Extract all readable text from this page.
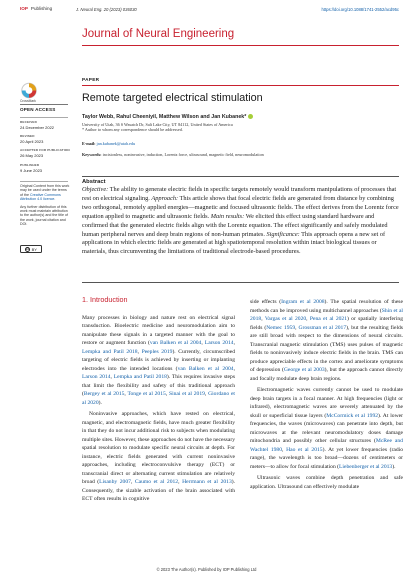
IOP Publishing	J. Neural Eng. 20 (2023) 036030	https://doi.org/10.1088/1741-2552/acd95c
Journal of Neural Engineering
CrossMark
OPEN ACCESS
RECEIVED
24 December 2022
REVISED
20 April 2023
ACCEPTED FOR PUBLICATION
26 May 2023
PUBLISHED
9 June 2023

Original Content from this work may be used under the terms of the Creative Commons Attribution 4.0 licence.

Any further distribution of this work must maintain attribution to the author(s) and the title of the work, journal citation and DOI.

cc BY
PAPER
Remote targeted electrical stimulation
Taylor Webb, Rahul Cheeniyil, Matthew Wilson and Jan Kubanek*
University of Utah, 36 S Wasatch Dr, Salt Lake City, UT 84112, United States of America
* Author to whom any correspondence should be addressed.
E-mail: jan.kubanek@utah.edu
Keywords: incisionless, noninvasive, induction, Lorentz force, ultrasound, magnetic field, neuromodulation
Abstract
Objective: The ability to generate electric fields in specific targets remotely would transform manipulations of processes that rest on electrical signaling. Approach: This article shows that focal electric fields are generated from distance by combining two orthogonal, remotely applied energies—magnetic and focused ultrasonic fields. The effect derives from the Lorentz force equation applied to magnetic and ultrasonic fields. Main results: We elicited this effect using standard hardware and confirmed that the generated electric fields align with the Lorentz equation. The effect significantly and safely modulated human peripheral nerves and deep brain regions of non-human primates. Significance: This approach opens a new set of applications in which electric fields are generated at high spatiotemporal resolution within intact biological tissues or materials, thus circumventing the limitations of traditional electrode-based procedures.
1. Introduction

Many processes in biology and nature rest on electrical signal transduction. Bioelectric medicine and neuromodulation aim to manipulate these signals in a targeted manner with the goal to restore or augment function (van Balken et al 2004, Larson 2014, Lempka and Patil 2018, Peeples 2019). Currently, circumscribed targeting of electric fields is achieved by inserting or implanting electrodes into the intended locations (van Balken et al 2004, Larson 2014, Lempka and Patil 2018). This requires invasive steps that limit the flexibility and safety of this traditional approach (Bergey et al 2015, Tonge et al 2015, Sinai et al 2019, Giordano et al 2020).

Noninvasive approaches, which have rested on electrical, magnetic, and electromagnetic fields, have much greater flexibility in that they do not incur additional risk to subjects when modulating multiple sites. However, these approaches do not have the necessary spatial resolution to modulate specific neural circuits at depth. For instance, electric fields generated with current noninvasive approaches, including electroconvulsive therapy (ECT) or transcranial direct or alternating current stimulation are relatively broad (Lisanby 2007, Caumo et al 2012, Herrmann et al 2013). Consequently, the sizable activation of the brain associated with ECT often results in cognitive

side effects (Ingram et al 2008). The spatial resolution of these methods can be improved using multichannel approaches (Shin et al 2018, Vargas et al 2020, Pena et al 2021) or spatially interfering fields (Nemec 1959, Grossman et al 2017), but the resulting fields are still broad with respect to the dimensions of neural circuits. Transcranial magnetic stimulation (TMS) uses pulses of magnetic fields to noninvasively induce electric fields in the brain. TMS can produce appreciable effects in the cortex and ameliorate symptoms of depression (George et al 2003), but the approach cannot directly and focally modulate deep brain regions.

Electromagnetic waves currently cannot be used to modulate deep brain targets in a focal manner. At high frequencies (light or infrared), electromagnetic waves are severely attenuated by the skull or superficial tissue layers (McCormick et al 1992). At lower frequencies, the waves (microwaves) can penetrate into depth, but microwaves at the relevant neuromodulatory doses damage mitochondria and possibly other cellular structures (McRee and Wachtel 1980, Hao et al 2015). At yet lower frequencies (radio range), the wavelength is too broad—dozens of centimeters or meters—to allow for focal stimulation (Liebenberger et al 2013).

Ultrasonic waves combine depth penetration and safe application. Ultrasound can effectively modulate

© 2023 The Author(s). Published by IOP Publishing Ltd
